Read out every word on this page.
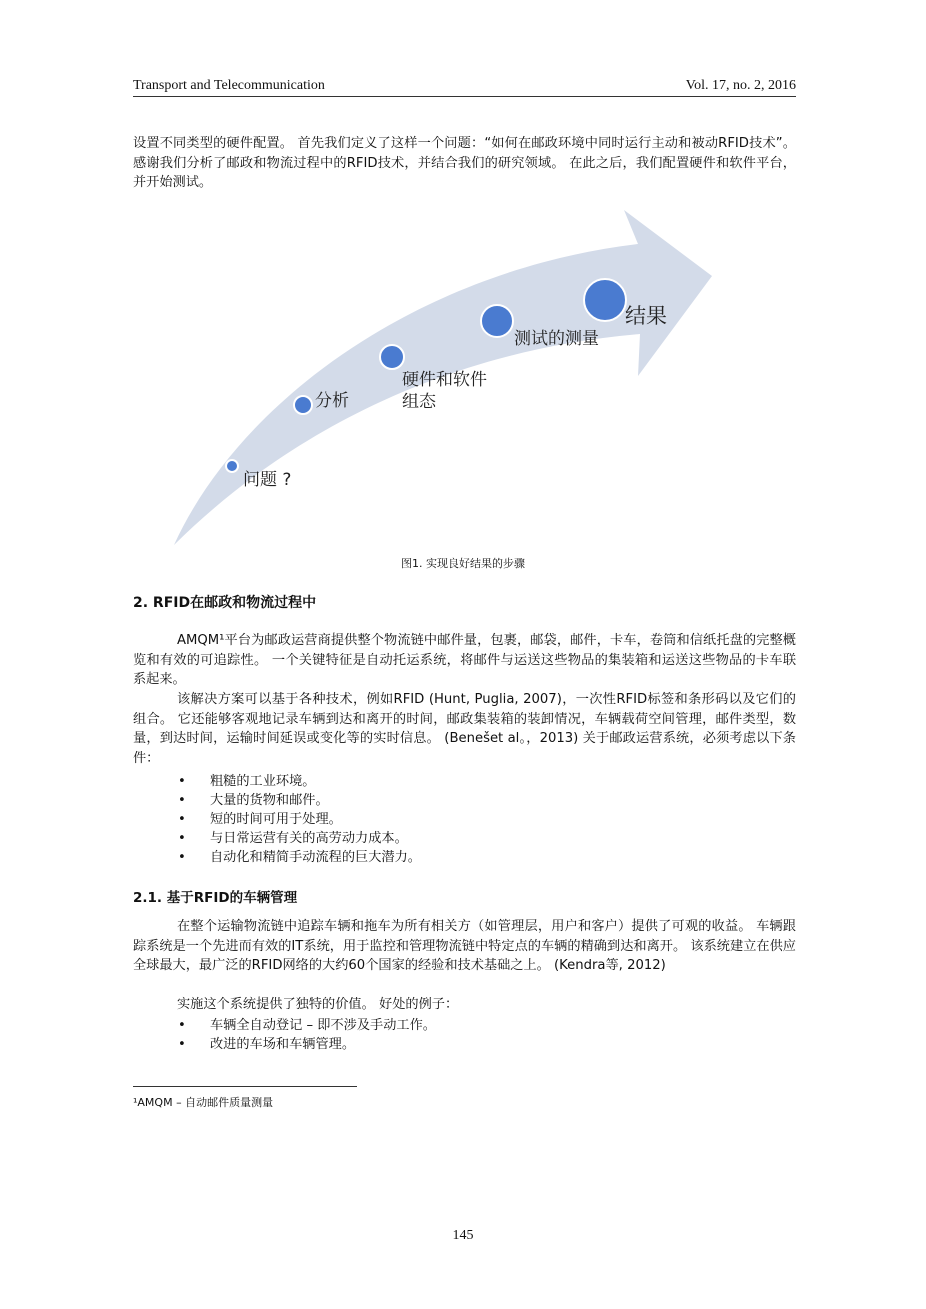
Transport and Telecommunication	Vol. 17, no. 2, 2016

设置不同类型的硬件配置。 首先我们定义了这样一个问题：“如何在邮政环境中同时运行主动和被动RFID技术”。 感谢我们分析了邮政和物流过程中的RFID技术，并结合我们的研究领域。 在此之后，我们配置硬件和软件平台，并开始测试。

问题 ?
分析
硬件和软件
组态
测试的测量
结果
图1. 实现良好结果的步骤
2. RFID在邮政和物流过程中

AMQM¹平台为邮政运营商提供整个物流链中邮件量，包裹，邮袋，邮件，卡车，卷筒和信纸托盘的完整概览和有效的可追踪性。 一个关键特征是自动托运系统，将邮件与运送这些物品的集装箱和运送这些物品的卡车联系起来。

该解决方案可以基于各种技术，例如RFID (Hunt, Puglia, 2007)，一次性RFID标签和条形码以及它们的组合。 它还能够客观地记录车辆到达和离开的时间，邮政集装箱的装卸情况，车辆载荷空间管理，邮件类型，数量，到达时间，运输时间延误或变化等的实时信息。 (Benešet al。，2013) 关于邮政运营系统，必须考虑以下条件：

• 粗糙的工业环境。
• 大量的货物和邮件。
• 短的时间可用于处理。
• 与日常运营有关的高劳动力成本。
• 自动化和精简手动流程的巨大潜力。
2.1. 基于RFID的车辆管理

在整个运输物流链中追踪车辆和拖车为所有相关方（如管理层，用户和客户）提供了可观的收益。 车辆跟踪系统是一个先进而有效的IT系统，用于监控和管理物流链中特定点的车辆的精确到达和离开。 该系统建立在供应全球最大，最广泛的RFID网络的大约60个国家的经验和技术基础之上。 (Kendra等, 2012)

实施这个系统提供了独特的价值。 好处的例子：

• 车辆全自动登记 – 即不涉及手动工作。
• 改进的车场和车辆管理。
¹AMQM – 自动邮件质量测量
145
